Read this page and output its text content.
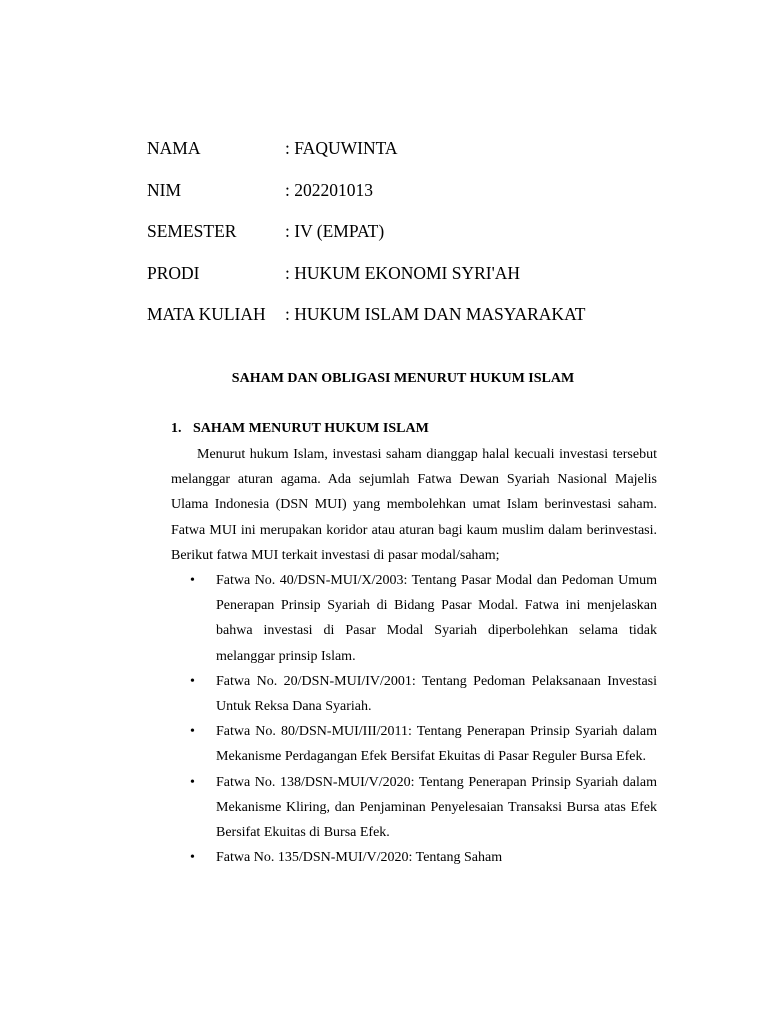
NAMA	: FAQUWINTA
NIM	: 202201013
SEMESTER	: IV (EMPAT)
PRODI	: HUKUM EKONOMI SYRI'AH
MATA KULIAH	: HUKUM ISLAM DAN MASYARAKAT
SAHAM DAN OBLIGASI MENURUT HUKUM ISLAM
1. SAHAM MENURUT HUKUM ISLAM

Menurut hukum Islam, investasi saham dianggap halal kecuali investasi tersebut melanggar aturan agama. Ada sejumlah Fatwa Dewan Syariah Nasional Majelis Ulama Indonesia (DSN MUI) yang membolehkan umat Islam berinvestasi saham. Fatwa MUI ini merupakan koridor atau aturan bagi kaum muslim dalam berinvestasi. Berikut fatwa MUI terkait investasi di pasar modal/saham;

• Fatwa No. 40/DSN-MUI/X/2003: Tentang Pasar Modal dan Pedoman Umum Penerapan Prinsip Syariah di Bidang Pasar Modal. Fatwa ini menjelaskan bahwa investasi di Pasar Modal Syariah diperbolehkan selama tidak melanggar prinsip Islam.
• Fatwa No. 20/DSN-MUI/IV/2001: Tentang Pedoman Pelaksanaan Investasi Untuk Reksa Dana Syariah.
• Fatwa No. 80/DSN-MUI/III/2011: Tentang Penerapan Prinsip Syariah dalam Mekanisme Perdagangan Efek Bersifat Ekuitas di Pasar Reguler Bursa Efek.
• Fatwa No. 138/DSN-MUI/V/2020: Tentang Penerapan Prinsip Syariah dalam Mekanisme Kliring, dan Penjaminan Penyelesaian Transaksi Bursa atas Efek Bersifat Ekuitas di Bursa Efek.
• Fatwa No. 135/DSN-MUI/V/2020: Tentang Saham
